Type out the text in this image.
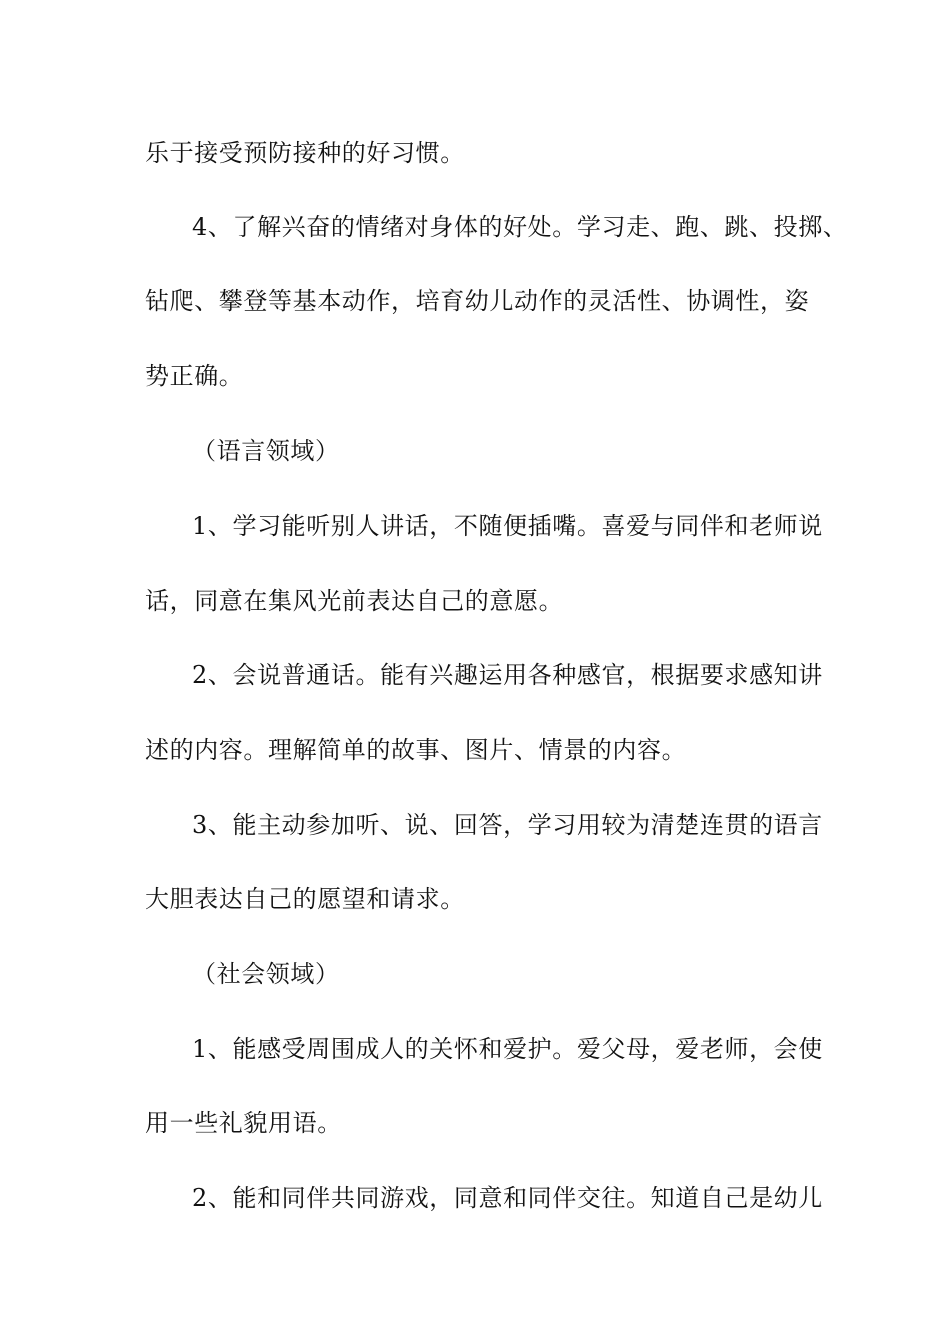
乐于接受预防接种的好习惯。
4、了解兴奋的情绪对身体的好处。学习走、跑、跳、投掷、
钻爬、攀登等基本动作，培育幼儿动作的灵活性、协调性，姿
势正确。
（语言领域）
1、学习能听别人讲话，不随便插嘴。喜爱与同伴和老师说
话，同意在集风光前表达自己的意愿。
2、会说普通话。能有兴趣运用各种感官，根据要求感知讲
述的内容。理解简单的故事、图片、情景的内容。
3、能主动参加听、说、回答，学习用较为清楚连贯的语言
大胆表达自己的愿望和请求。
（社会领域）
1、能感受周围成人的关怀和爱护。爱父母，爱老师，会使
用一些礼貌用语。
2、能和同伴共同游戏，同意和同伴交往。知道自己是幼儿
